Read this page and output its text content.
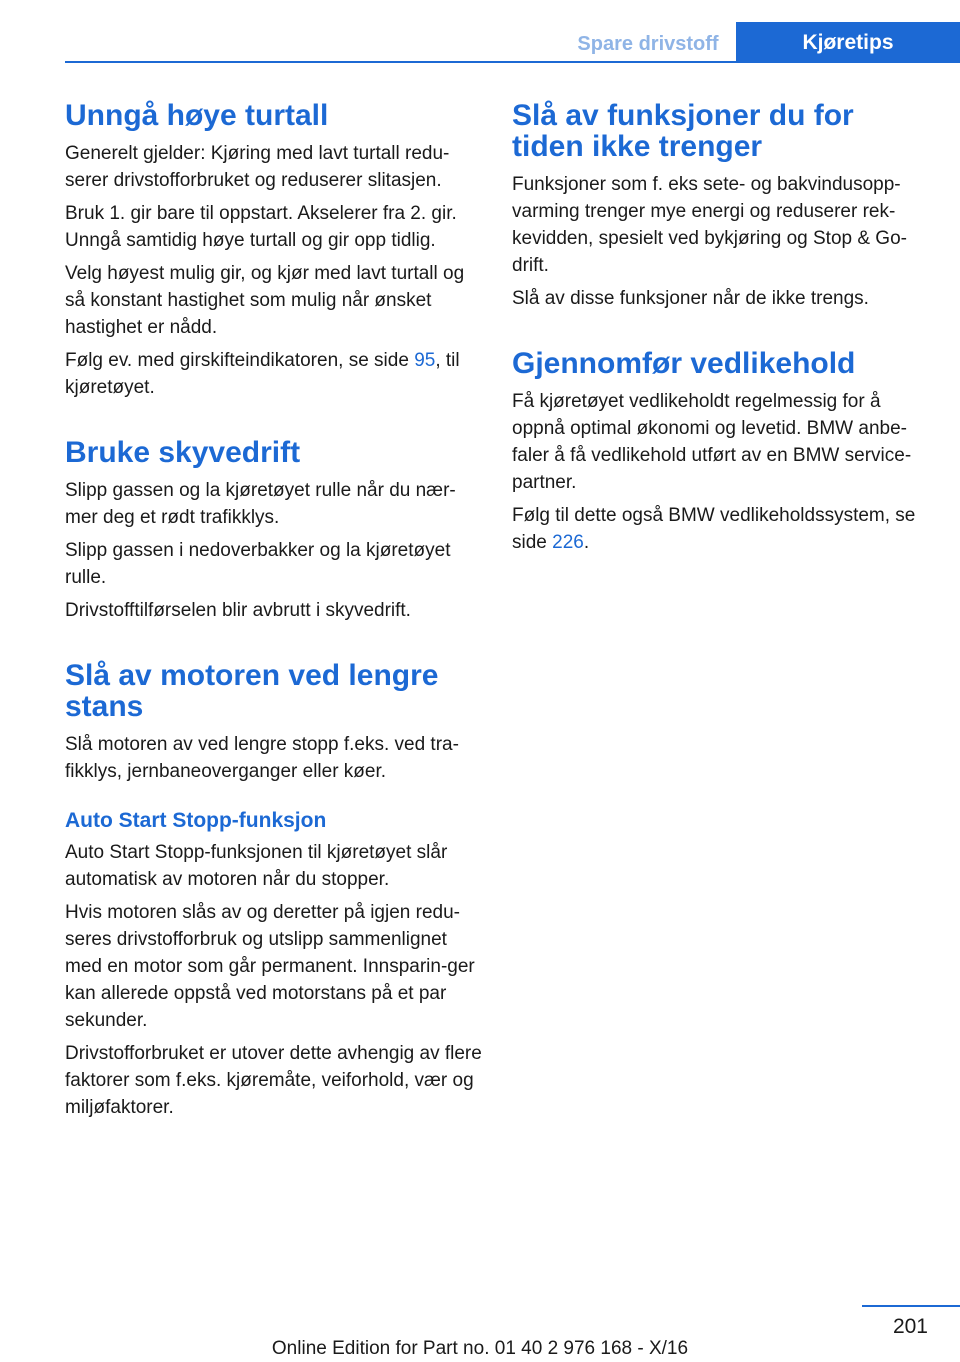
Spare drivstoff	Kjøretips
Unngå høye turtall

Generelt gjelder: Kjøring med lavt turtall redu‐serer drivstofforbruket og reduserer slitasjen.

Bruk 1. gir bare til oppstart. Akselerer fra 2. gir. Unngå samtidig høye turtall og gir opp tidlig.

Velg høyest mulig gir, og kjør med lavt turtall og så konstant hastighet som mulig når ønsket hastighet er nådd.

Følg ev. med girskifteindikatoren, se side 95, til kjøretøyet.

Bruke skyvedrift

Slipp gassen og la kjøretøyet rulle når du nær‐mer deg et rødt trafikklys.

Slipp gassen i nedoverbakker og la kjøretøyet rulle.

Drivstofftilførselen blir avbrutt i skyvedrift.

Slå av motoren ved lengre stans

Slå motoren av ved lengre stopp f.eks. ved tra‐fikklys, jernbaneoverganger eller køer.

Auto Start Stopp-funksjon

Auto Start Stopp-funksjonen til kjøretøyet slår automatisk av motoren når du stopper.

Hvis motoren slås av og deretter på igjen redu‐seres drivstofforbruk og utslipp sammenlignet med en motor som går permanent. Innsparin‐ger kan allerede oppstå ved motorstans på et par sekunder.

Drivstofforbruket er utover dette avhengig av flere faktorer som f.eks. kjøremåte, veiforhold, vær og miljøfaktorer.

Slå av funksjoner du for tiden ikke trenger

Funksjoner som f. eks sete- og bakvindusopp‐varming trenger mye energi og reduserer rek‐kevidden, spesielt ved bykjøring og Stop & Go-drift.

Slå av disse funksjoner når de ikke trengs.

Gjennomfør vedlikehold

Få kjøretøyet vedlikeholdt regelmessig for å oppnå optimal økonomi og levetid. BMW anbe‐faler å få vedlikehold utført av en BMW service-partner.

Følg til dette også BMW vedlikeholdssystem, se side 226.

201
Online Edition for Part no. 01 40 2 976 168 - X/16
